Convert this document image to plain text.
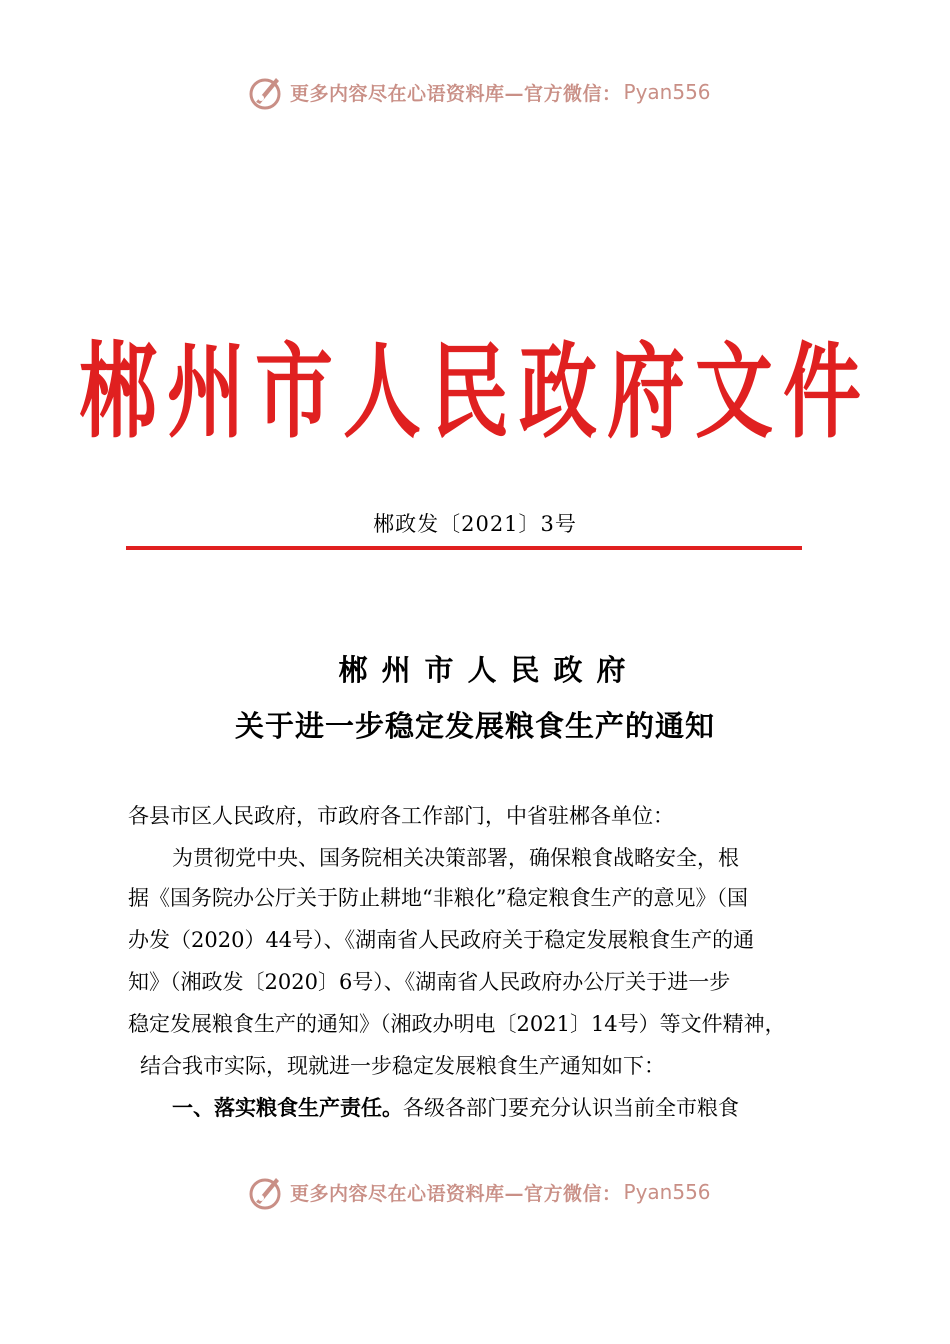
更多内容尽在心语资料库—官方微信： Pyan556
郴州市人民政府文件
郴政发〔2021〕3号
郴州市人民政府
关于进一步稳定发展粮食生产的通知
各县市区人民政府，市政府各工作部门，中省驻郴各单位：
为贯彻党中央、国务院相关决策部署，确保粮食战略安全，根
据《国务院办公厅关于防止耕地“非粮化”稳定粮食生产的意见》（国
办发（2020）44号）、《湖南省人民政府关于稳定发展粮食生产的通
知》（湘政发〔2020〕6号）、《湖南省人民政府办公厅关于进一步
稳定发展粮食生产的通知》（湘政办明电〔2021〕14号）等文件精神，
结合我市实际，现就进一步稳定发展粮食生产通知如下：
一、落实粮食生产责任。各级各部门要充分认识当前全市粮食
更多内容尽在心语资料库—官方微信： Pyan556
